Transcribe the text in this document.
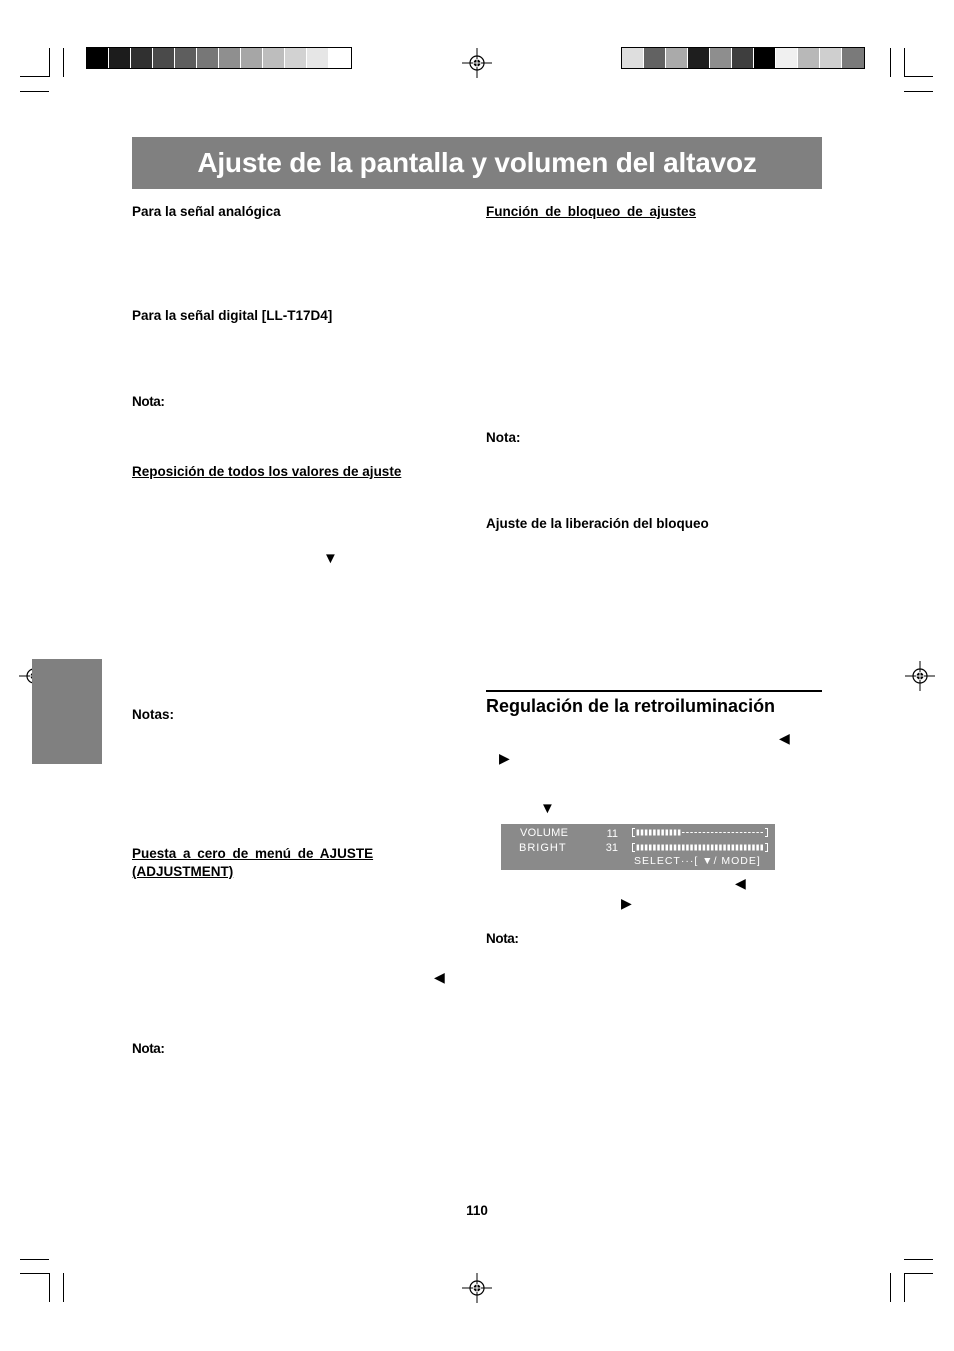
Ajuste de la pantalla y volumen del altavoz
Para la señal analógica
Para la señal digital [LL-T17D4]
Nota:
Reposición de todos los valores de ajuste
▼
Notas:
Puesta a cero de menú de AJUSTE
(ADJUSTMENT)
◀
Nota:
Función de bloqueo de ajustes
Nota:
Ajuste de la liberación del bloqueo
Regulación de la retroiluminación
◀
▶
▼
VOLUME	11
BRIGHT	31
SELECT···[ ▼/ MODE]
◀
▶
Nota:
110
